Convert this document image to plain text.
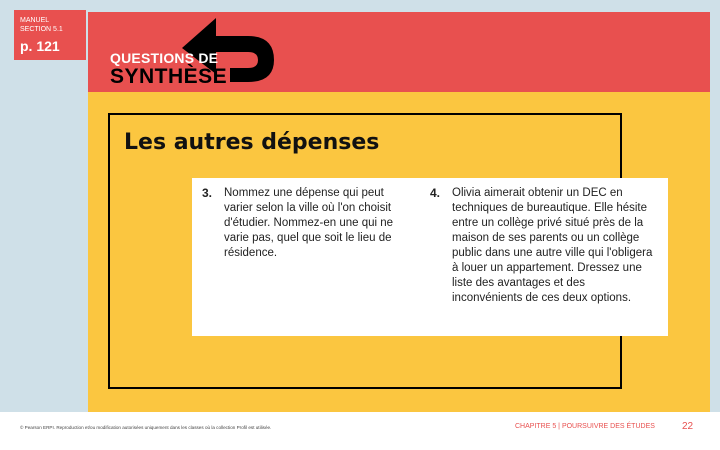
MANUEL SECTION 5.1
p. 121
QUESTIONS DE
SYNTHÈSE
Les autres dépenses
3. Nommez une dépense qui peut varier selon la ville où l'on choisit d'étudier. Nommez-en une qui ne varie pas, quel que soit le lieu de résidence.
4. Olivia aimerait obtenir un DEC en techniques de bureautique. Elle hésite entre un collège privé situé près de la maison de ses parents ou un collège public dans une autre ville qui l'obligera à louer un appartement. Dressez une liste des avantages et des inconvénients de ces deux options.
© Pearson ERPI. Reproduction et/ou modification autorisées uniquement dans les classes où la collection Profil est utilisée.	CHAPITRE 5 | POURSUIVRE DES ÉTUDES	22
